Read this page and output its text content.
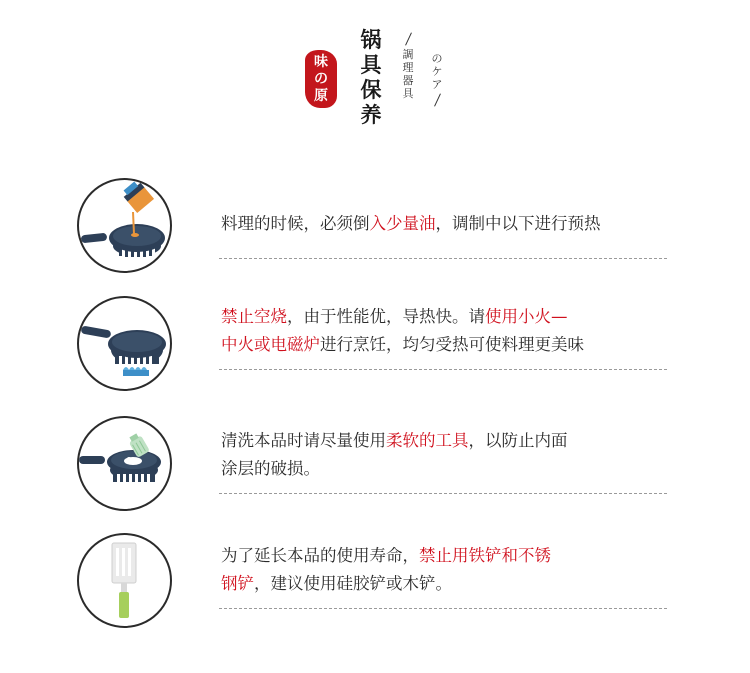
味
の
原
锅
具
保
养
調
理
器
具
の
ケ
ア
料理的时候，必须倒入少量油，调制中以下进行预热
禁止空烧，由于性能优，导热快。请使用小火—
中火或电磁炉进行烹饪，均匀受热可使料理更美味
清洗本品时请尽量使用柔软的工具，以防止内面
涂层的破损。
为了延长本品的使用寿命，禁止用铁铲和不锈
钢铲，建议使用硅胶铲或木铲。
